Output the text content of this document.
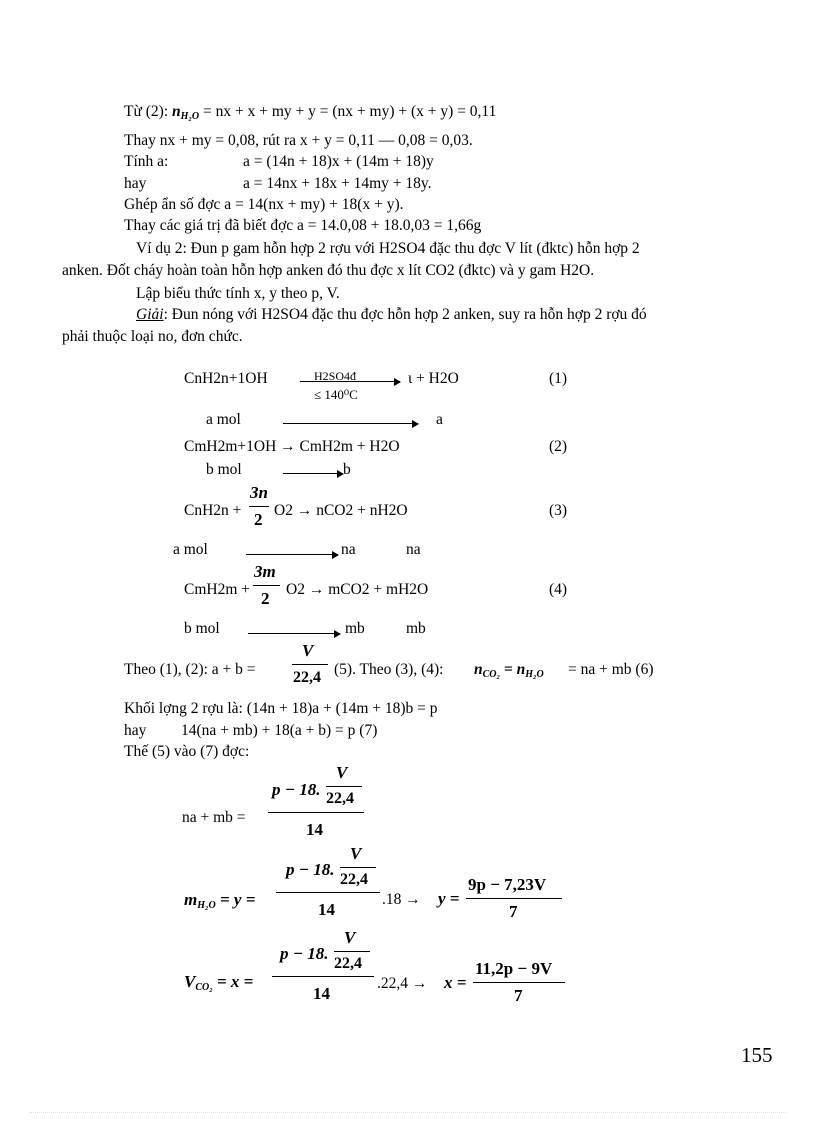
Từ (2): $n_{H_2O}$ = nx + x + my + y = (nx + my) + (x + y) = 0,11
Thay nx + my = 0,08, rút ra x + y = 0,11 — 0,08 = 0,03.
Tính a:	a = (14n + 18)x + (14m + 18)y
hay	a = 14nx + 18x + 14my + 18y.
Ghép ẩn số đợc a = 14(nx + my) + 18(x + y).
Thay các giá trị đã biết đợc a = 14.0,08 + 18.0,03 = 1,66g
Ví dụ 2: Đun p gam hỗn hợp 2 rợu với H2SO4 đặc thu đợc V lít (đktc) hỗn hợp 2
anken. Đốt cháy hoàn toàn hỗn hợp anken đó thu đợc x lít CO2 (đktc) và y gam H2O.
Lập biểu thức tính x, y theo p, V.
Giải: Đun nóng với H2SO4 đặc thu đợc hỗn hợp 2 anken, suy ra hỗn hợp 2 rợu đó
phải thuộc loại no, đơn chức.
CnH2n+1OH	H2SO4đ
≤ 140⁰C
ι + H2O	(1)
a mol	a
CmH2m+1OH → CmH2m + H2O	(2)
b mol	b
CnH2n +
3n
2 O2 → nCO2 + nH2O	(3)
a mol	na	na
CmH2m +
3m
2 O2 → mCO2 + mH2O	(4)
b mol	mb	mb
Theo (1), (2): a + b =
V
22,4 (5). Theo (3), (4): $n_{CO_2} = n_{H_2O}$ = na + mb (6)
Khối lợng 2 rợu là: (14n + 18)a + (14m + 18)b = p
hay 14(na + mb) + 18(a + b) = p (7)
Thế (5) vào (7) đợc:
na + mb =
p − 18.
V
22,4
14
$m_{H_2O} = y$ =
p − 18.
V
22,4
14
.18 → y =
9p − 7,23V
7
$V_{CO_2} = x$ =
p − 18.
V
22,4
14
.22,4 → x =
11,2p − 9V
7
155
